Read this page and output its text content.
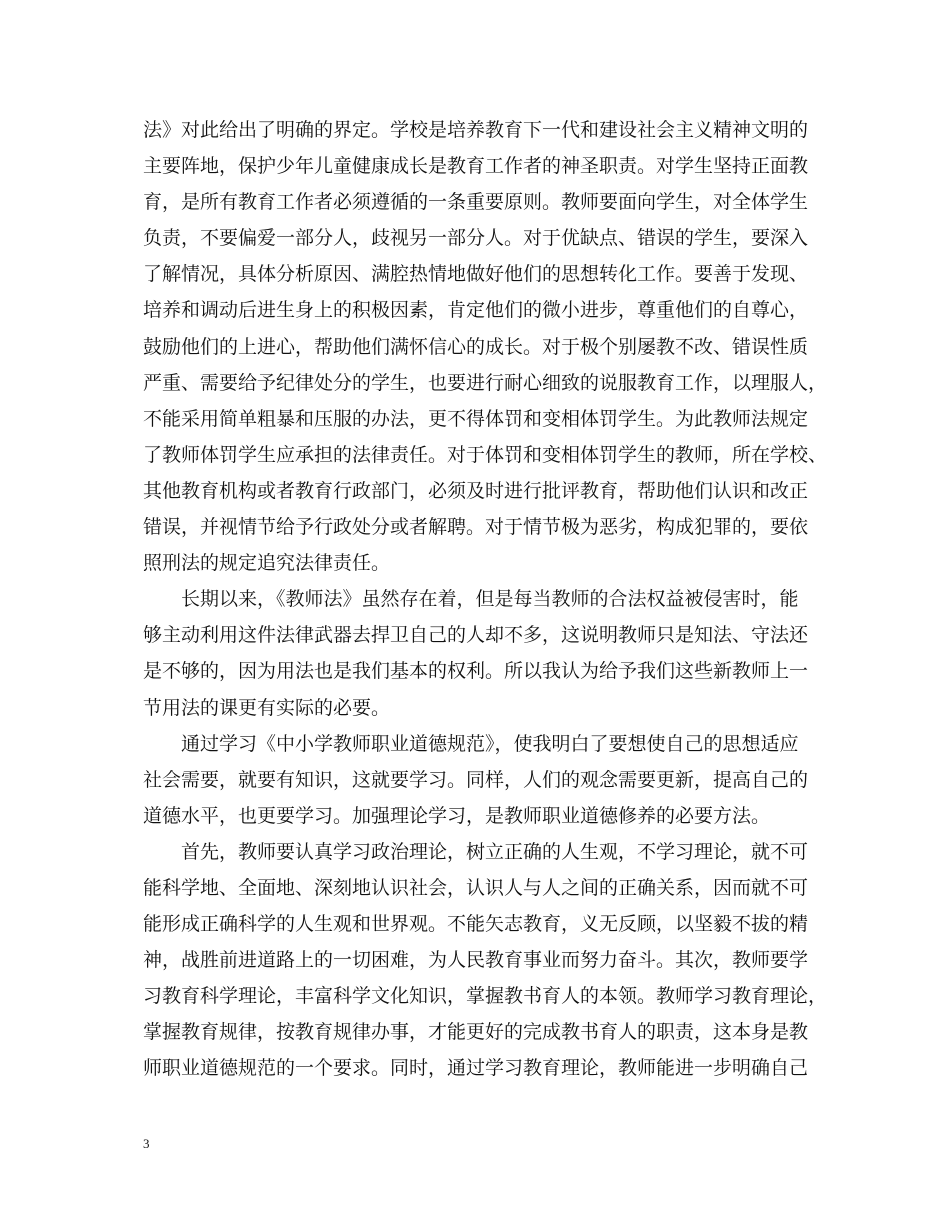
法》对此给出了明确的界定。学校是培养教育下一代和建设社会主义精神文明的
主要阵地，保护少年儿童健康成长是教育工作者的神圣职责。对学生坚持正面教
育，是所有教育工作者必须遵循的一条重要原则。教师要面向学生，对全体学生
负责，不要偏爱一部分人，歧视另一部分人。对于优缺点、错误的学生，要深入
了解情况，具体分析原因、满腔热情地做好他们的思想转化工作。要善于发现、
培养和调动后进生身上的积极因素，肯定他们的微小进步，尊重他们的自尊心，
鼓励他们的上进心，帮助他们满怀信心的成长。对于极个别屡教不改、错误性质
严重、需要给予纪律处分的学生，也要进行耐心细致的说服教育工作，以理服人，
不能采用简单粗暴和压服的办法，更不得体罚和变相体罚学生。为此教师法规定
了教师体罚学生应承担的法律责任。对于体罚和变相体罚学生的教师，所在学校、
其他教育机构或者教育行政部门，必须及时进行批评教育，帮助他们认识和改正
错误，并视情节给予行政处分或者解聘。对于情节极为恶劣，构成犯罪的，要依
照刑法的规定追究法律责任。
长期以来，《教师法》虽然存在着，但是每当教师的合法权益被侵害时，能
够主动利用这件法律武器去捍卫自己的人却不多，这说明教师只是知法、守法还
是不够的，因为用法也是我们基本的权利。所以我认为给予我们这些新教师上一
节用法的课更有实际的必要。
通过学习《中小学教师职业道德规范》，使我明白了要想使自己的思想适应
社会需要，就要有知识，这就要学习。同样，人们的观念需要更新，提高自己的
道德水平，也更要学习。加强理论学习，是教师职业道德修养的必要方法。
首先，教师要认真学习政治理论，树立正确的人生观，不学习理论，就不可
能科学地、全面地、深刻地认识社会，认识人与人之间的正确关系，因而就不可
能形成正确科学的人生观和世界观。不能矢志教育，义无反顾，以坚毅不拔的精
神，战胜前进道路上的一切困难，为人民教育事业而努力奋斗。其次，教师要学
习教育科学理论，丰富科学文化知识，掌握教书育人的本领。教师学习教育理论，
掌握教育规律，按教育规律办事，才能更好的完成教书育人的职责，这本身是教
师职业道德规范的一个要求。同时，通过学习教育理论，教师能进一步明确自己
3
